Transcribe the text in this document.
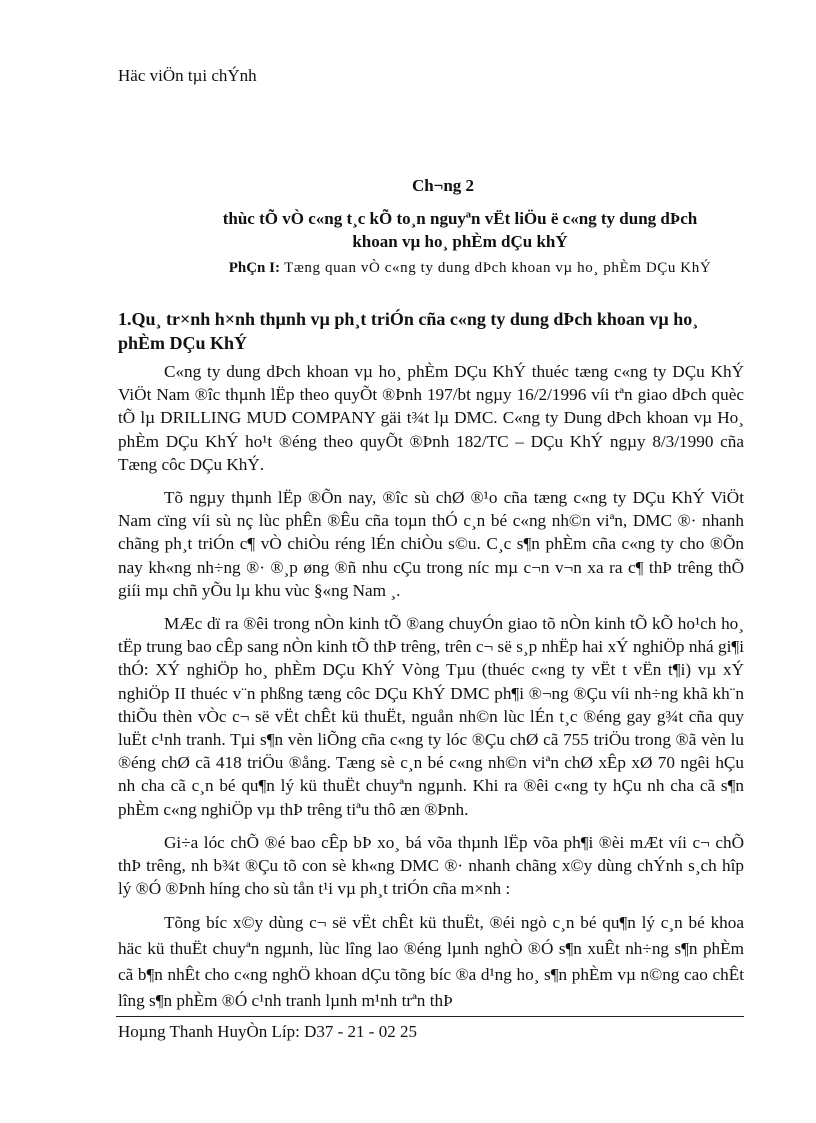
Häc viÖn tµi chÝnh
Ch¬ng 2
thùc tÕ vÒ c«ng t¸c kÕ to¸n nguyªn vËt liÖu ë c«ng ty dung dÞch
khoan vµ ho¸ phÈm dÇu khÝ
PhÇn I: Tæng quan vÒ c«ng ty dung dÞch khoan vµ ho¸ phÈm DÇu KhÝ
1.Qu¸ tr×nh h×nh thµnh vµ ph¸t triÓn cña c«ng ty dung dÞch khoan vµ ho¸ phÈm DÇu KhÝ

C«ng ty dung dÞch khoan vµ ho¸ phÈm DÇu KhÝ thuéc tæng c«ng ty DÇu KhÝ ViÖt Nam ®îc thµnh lËp theo quyÕt ®Þnh 197/bt ngµy 16/2/1996 víi tªn giao dÞch quèc tÕ lµ DRILLING MUD COMPANY gäi t¾t lµ DMC. C«ng ty Dung dÞch khoan vµ Ho¸ phÈm DÇu KhÝ ho¹t ®éng theo quyÕt ®Þnh 182/TC – DÇu KhÝ ngµy 8/3/1990 cña Tæng côc DÇu KhÝ.

Tõ ngµy thµnh lËp ®Õn nay, ®îc sù chØ ®¹o cña tæng c«ng ty DÇu KhÝ ViÖt Nam cïng víi sù nç lùc phÊn ®Êu cña toµn thÓ c¸n bé c«ng nh©n viªn, DMC ®· nhanh chãng ph¸t triÓn c¶ vÒ chiÒu réng lÉn chiÒu s©u. C¸c s¶n phÈm cña c«ng ty cho ®Õn nay kh«ng nh÷ng ®· ®¸p øng ®ñ nhu cÇu trong níc mµ c¬n v¬n xa ra c¶ thÞ trêng thÕ giíi mµ chñ yÕu lµ khu vùc §«ng Nam ¸.

MÆc dï ra ®êi trong nÒn kinh tÕ ®ang chuyÓn giao tõ nÒn kinh tÕ kÕ ho¹ch ho¸ tËp trung bao cÊp sang nÒn kinh tÕ thÞ trêng, trên c¬ së s¸p nhËp hai xÝ nghiÖp nhá gi¶i thÓ: XÝ nghiÖp ho¸ phÈm DÇu KhÝ Vòng Tµu (thuéc c«ng ty vËt t vËn t¶i) vµ xÝ nghiÖp II thuéc v¨n phßng tæng côc DÇu KhÝ DMC ph¶i ®¬ng ®Çu víi nh÷ng khã kh¨n thiÕu thèn vÒc c¬ së vËt chÊt kü thuËt, nguån nh©n lùc lÉn t¸c ®éng gay g¾t cña quy luËt c¹nh tranh. Tµi s¶n vèn liÕng cña c«ng ty lóc ®Çu chØ cã 755 triÖu trong ®ã vèn lu ®éng chØ cã 418 triÖu ®ång. Tæng sè c¸n bé c«ng nh©n viªn chØ xÊp xØ 70 ngêi hÇu nh cha cã c¸n bé qu¶n lý kü thuËt chuyªn ngµnh. Khi ra ®êi c«ng ty hÇu nh cha cã s¶n phÈm c«ng nghiÖp vµ thÞ trêng tiªu thô æn ®Þnh.

Gi÷a lóc chÕ ®é bao cÊp bÞ xo¸ bá võa thµnh lËp võa ph¶i ®èi mÆt víi c¬ chÕ thÞ trêng, nh b¾t ®Çu tõ con sè kh«ng DMC ®· nhanh chãng x©y dùng chÝnh s¸ch hîp lý ®Ó ®Þnh híng cho sù tån t¹i vµ ph¸t triÓn cña m×nh :

Tõng bíc x©y dùng c¬ së vËt chÊt kü thuËt, ®éi ngò c¸n bé qu¶n lý c¸n bé khoa häc kü thuËt chuyªn ngµnh, lùc lîng lao ®éng lµnh nghÒ ®Ó s¶n xuÊt nh÷ng s¶n phÈm cã b¶n nhÊt cho c«ng nghÖ khoan dÇu tõng bíc ®a d¹ng ho¸ s¶n phÈm vµ n©ng cao chÊt lîng s¶n phÈm ®Ó c¹nh tranh lµnh m¹nh trªn thÞ

Hoµng Thanh HuyÒn Líp: D37 - 21 - 02 25
